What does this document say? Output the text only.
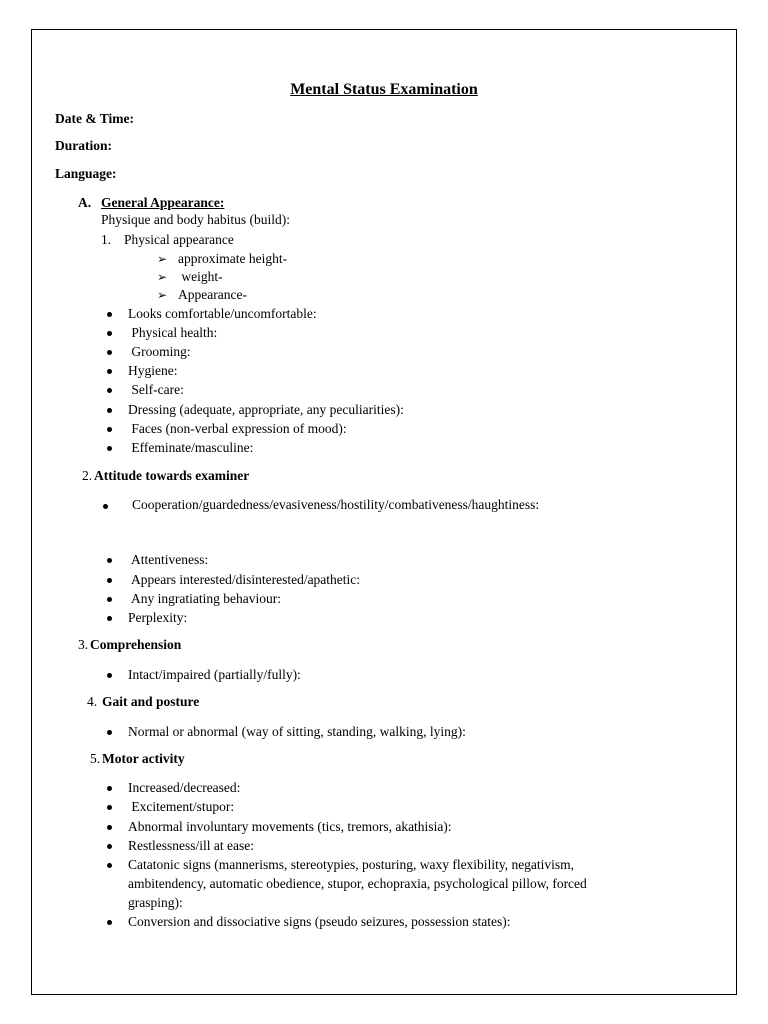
Mental Status Examination
Date & Time:
Duration:
Language:
A. General Appearance:
Physique and body habitus (build):
1. Physical appearance
➢ approximate height-
➢ weight-
➢ Appearance-
Looks comfortable/uncomfortable:
Physical health:
Grooming:
Hygiene:
Self-care:
Dressing (adequate, appropriate, any peculiarities):
Faces (non-verbal expression of mood):
Effeminate/masculine:
2. Attitude towards examiner
Cooperation/guardedness/evasiveness/hostility/combativeness/haughtiness:
Attentiveness:
Appears interested/disinterested/apathetic:
Any ingratiating behaviour:
Perplexity:
3. Comprehension
Intact/impaired (partially/fully):
4. Gait and posture
Normal or abnormal (way of sitting, standing, walking, lying):
5. Motor activity
Increased/decreased:
Excitement/stupor:
Abnormal involuntary movements (tics, tremors, akathisia):
Restlessness/ill at ease:
Catatonic signs (mannerisms, stereotypies, posturing, waxy flexibility, negativism,
ambitendency, automatic obedience, stupor, echopraxia, psychological pillow, forced
grasping):
Conversion and dissociative signs (pseudo seizures, possession states):
